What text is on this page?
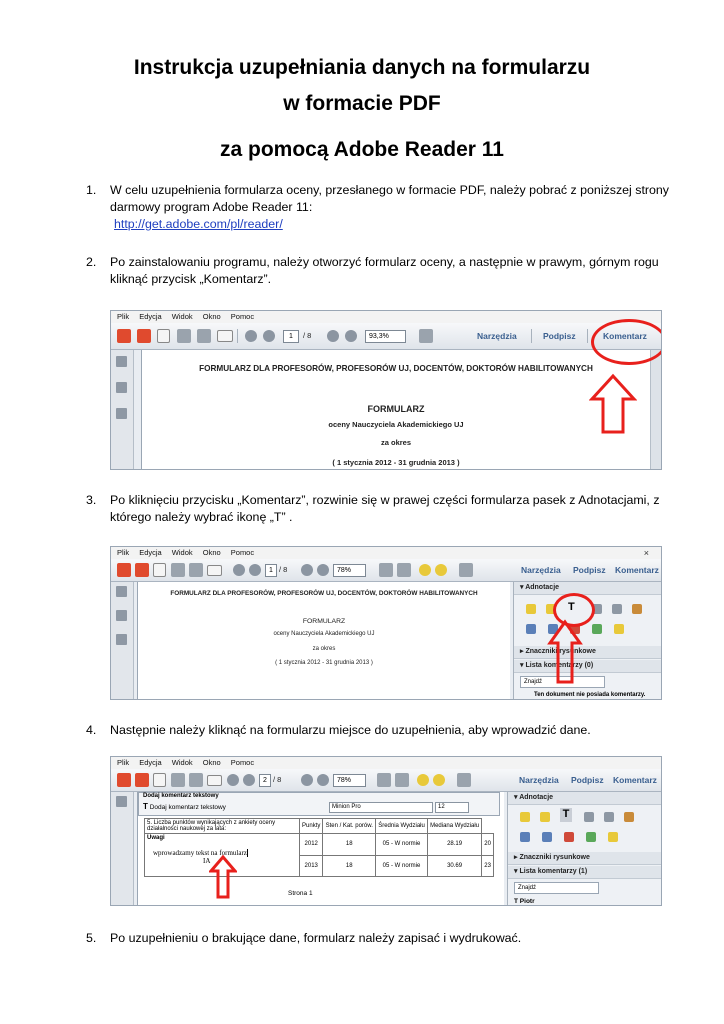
Instrukcja uzupełniania danych na formularzu
w formacie PDF
za pomocą Adobe Reader 11
1. W celu uzupełnienia formularza oceny, przesłanego w formacie PDF, należy pobrać z poniższej strony darmowy program Adobe Reader 11:
http://get.adobe.com/pl/reader/
2. Po zainstalowaniu programu, należy otworzyć formularz oceny, a następnie w prawym, górnym rogu kliknąć przycisk „Komentarz”.
Plik Edycja Widok Okno Pomoc
1	/ 8	93,3%	Narzędzia	Podpisz	Komentarz
FORMULARZ DLA PROFESORÓW, PROFESORÓW UJ, DOCENTÓW, DOKTORÓW HABILITOWANYCH
FORMULARZ
oceny Nauczyciela Akademickiego UJ
za okres
( 1 stycznia 2012 - 31 grudnia 2013 )
3. Po kliknięciu przycisku „Komentarz”, rozwinie się w prawej części formularza pasek z Adnotacjami, z którego należy wybrać ikonę „T” .
Plik Edycja Widok Okno Pomoc	×
1 / 8	78%	Narzędzia Podpisz Komentarz
FORMULARZ DLA PROFESORÓW, PROFESORÓW UJ, DOCENTÓW, DOKTORÓW HABILITOWANYCH
FORMULARZ
oceny Nauczyciela Akademickiego UJ
za okres
( 1 stycznia 2012 - 31 grudnia 2013 )
▾ Adnotacje
T
▸ Znaczniki rysunkowe
▾ Lista komentarzy (0)
Znajdź
Ten dokument nie posiada komentarzy.
4. Następnie należy kliknąć na formularzu miejsce do uzupełnienia, aby wprowadzić dane.
Plik Edycja Widok Okno Pomoc
2 / 8	78%	Narzędzia Podpisz Komentarz
Dodaj komentarz tekstowy
T Dodaj komentarz tekstowy	Minion Pro	12
5. Liczba punktów wynikających z ankiety oceny działalności naukowej za lata:	Punkty	Sten / Kat. porów.	Średnia Wydziału	Mediana Wydziału	

Uwagi
wprowadzamy tekst na formularz
IA	2012	18	05 - W normie	28.19	20
	2013	18	05 - W normie	30.69	23
Strona 1
▾ Adnotacje
T
▸ Znaczniki rysunkowe
▾ Lista komentarzy (1)
Znajdź
T Piotr
5. Po uzupełnieniu o brakujące dane, formularz należy zapisać i wydrukować.
